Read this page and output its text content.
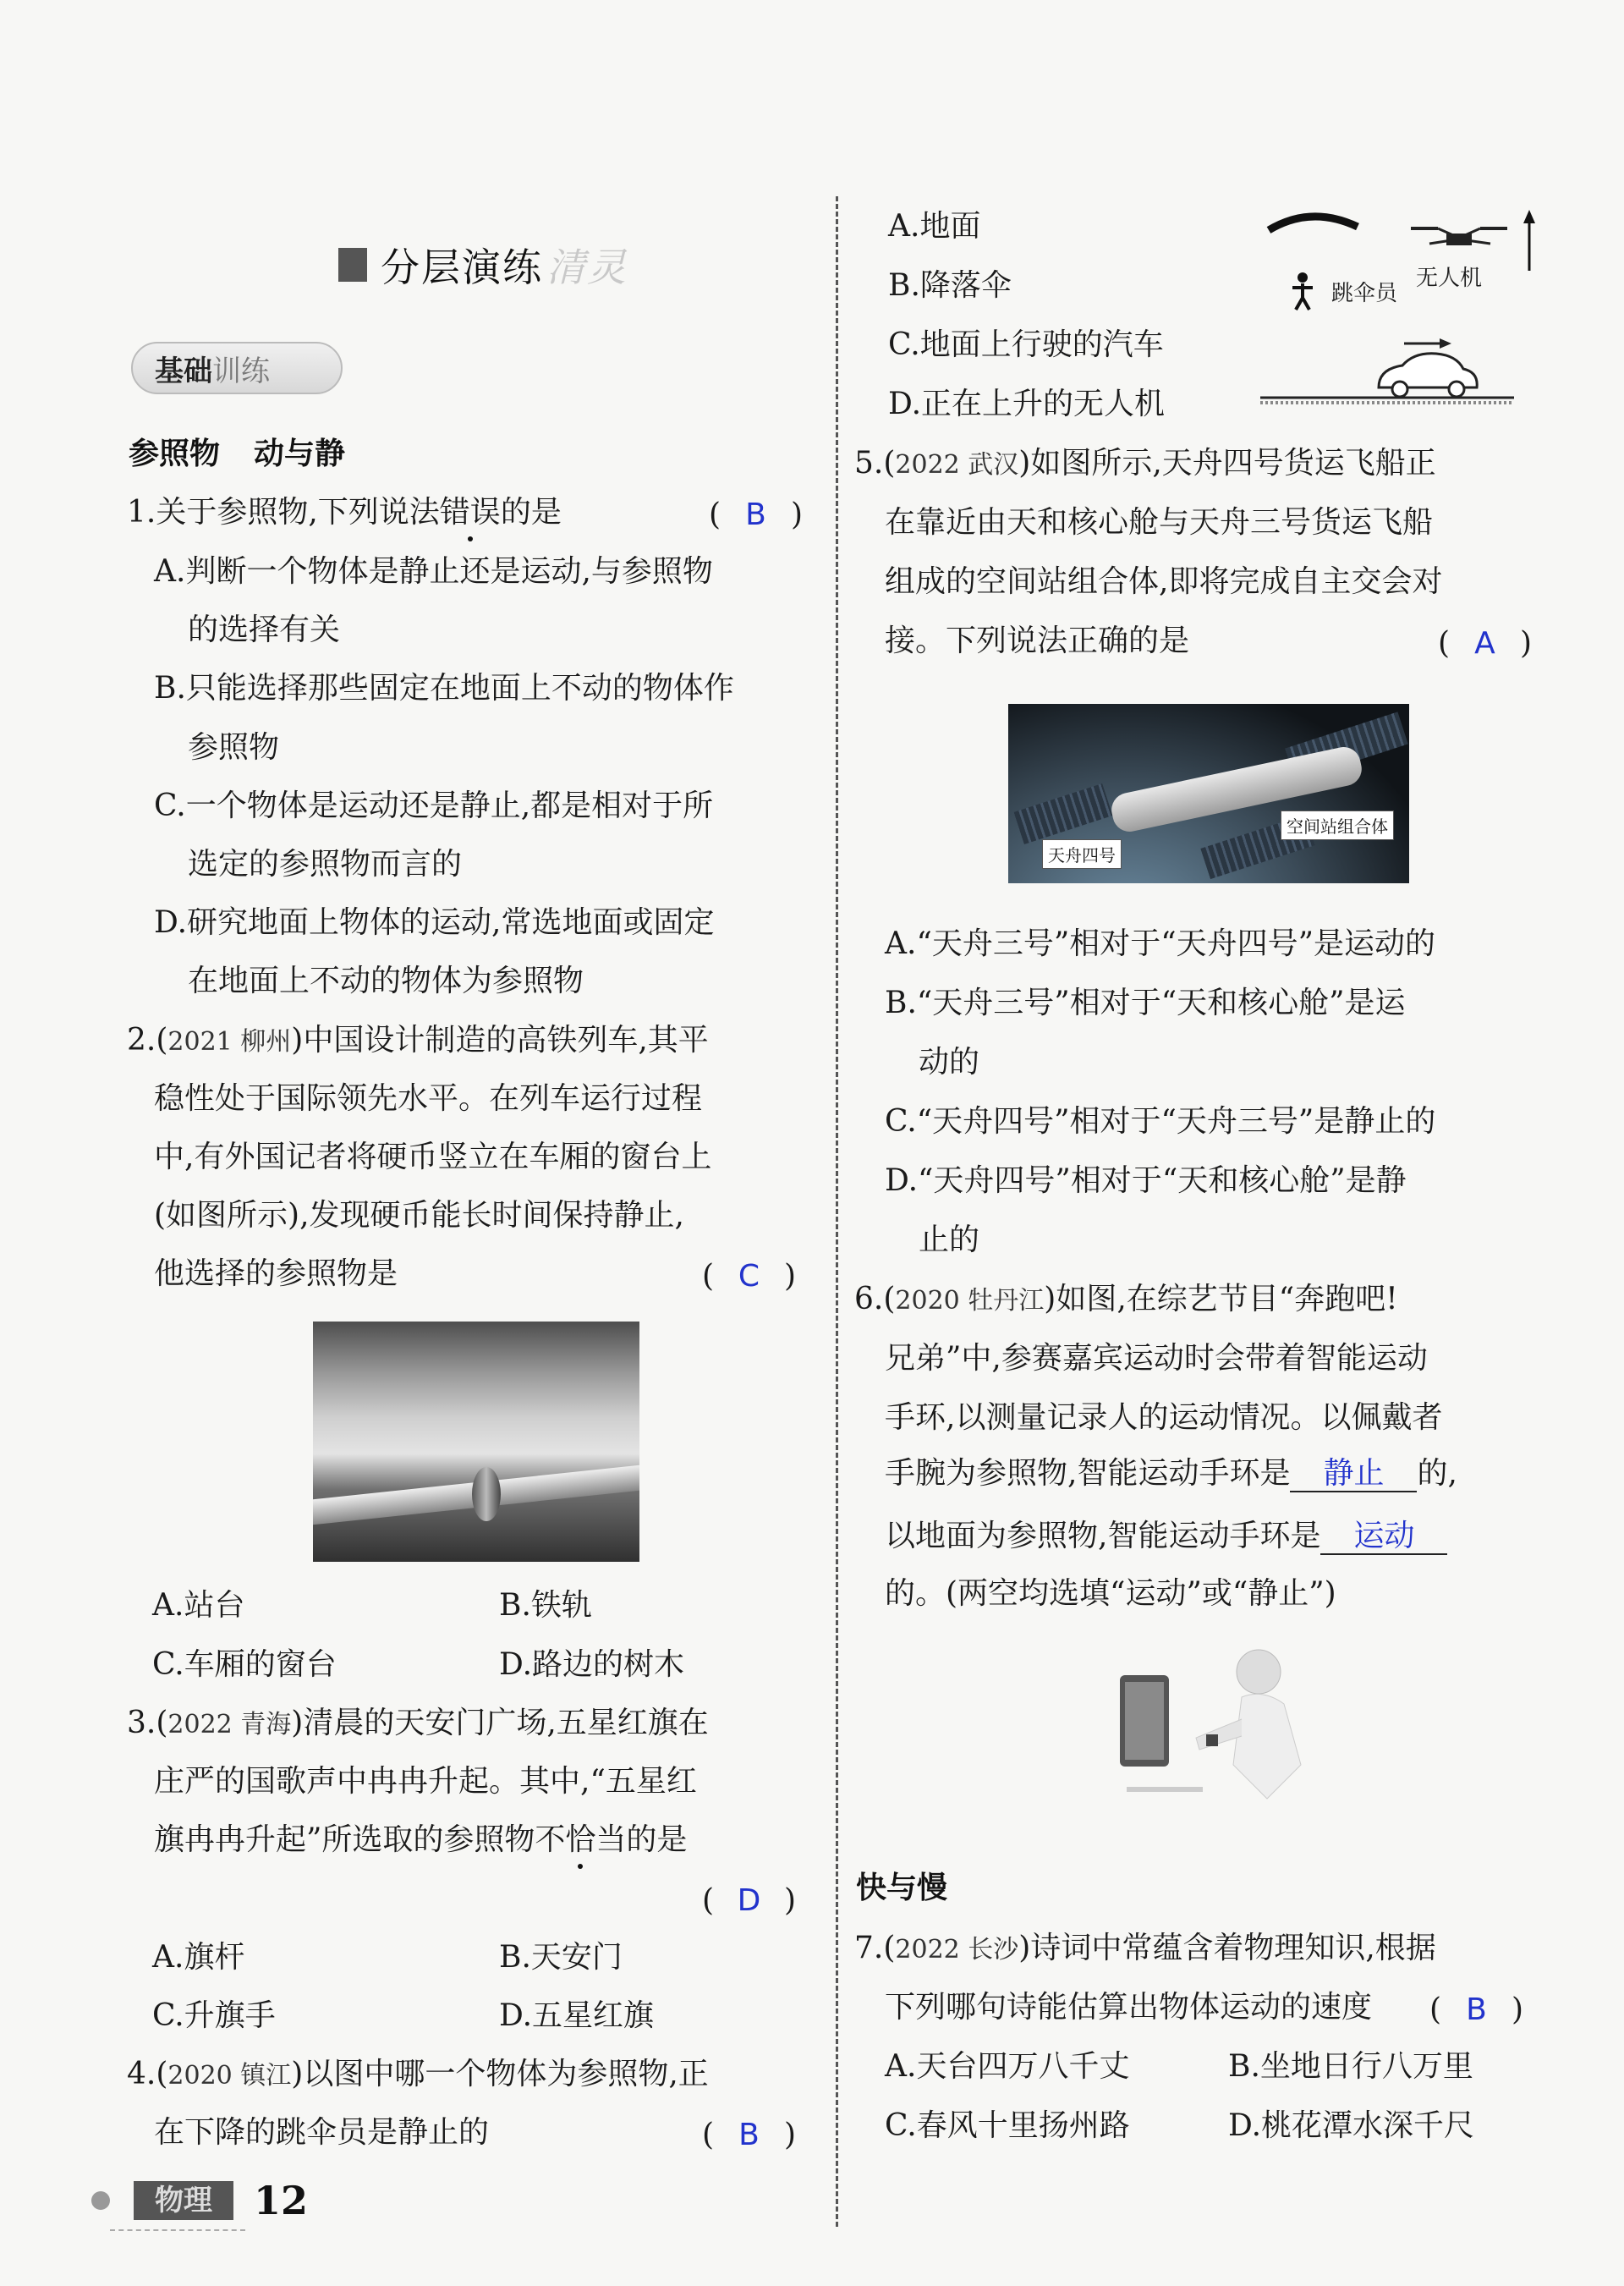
分层演练 清灵
基础 训练
参照物 动与静
1.关于参照物,下列说法错误的是	( B )
A.判断一个物体是静止还是运动,与参照物
的选择有关
B.只能选择那些固定在地面上不动的物体作
参照物
C.一个物体是运动还是静止,都是相对于所
选定的参照物而言的
D.研究地面上物体的运动,常选地面或固定
在地面上不动的物体为参照物
2.(2021 柳州)中国设计制造的高铁列车,其平
稳性处于国际领先水平。在列车运行过程
中,有外国记者将硬币竖立在车厢的窗台上
(如图所示),发现硬币能长时间保持静止,
他选择的参照物是	( C )
A.站台	B.铁轨
C.车厢的窗台	D.路边的树木
3.(2022 青海)清晨的天安门广场,五星红旗在
庄严的国歌声中冉冉升起。其中,“五星红
旗冉冉升起”所选取的参照物不恰当的是
( D )
A.旗杆	B.天安门
C.升旗手	D.五星红旗
4.(2020 镇江)以图中哪一个物体为参照物,正
在下降的跳伞员是静止的	( B )
A.地面
B.降落伞
C.地面上行驶的汽车
D.正在上升的无人机
跳伞员
无人机
5.(2022 武汉)如图所示,天舟四号货运飞船正
在靠近由天和核心舱与天舟三号货运飞船
组成的空间站组合体,即将完成自主交会对
接。下列说法正确的是	( A )
空间站组合体
天舟四号
A.“天舟三号”相对于“天舟四号”是运动的
B.“天舟三号”相对于“天和核心舱”是运
动的
C.“天舟四号”相对于“天舟三号”是静止的
D.“天舟四号”相对于“天和核心舱”是静
止的
6.(2020 牡丹江)如图,在综艺节目“奔跑吧!
兄弟”中,参赛嘉宾运动时会带着智能运动
手环,以测量记录人的运动情况。以佩戴者
手腕为参照物,智能运动手环是 静止 的,
以地面为参照物,智能运动手环是 运动
的。(两空均选填“运动”或“静止”)
快与慢
7.(2022 长沙)诗词中常蕴含着物理知识,根据
下列哪句诗能估算出物体运动的速度 ( B )
A.天台四万八千丈	B.坐地日行八万里
C.春风十里扬州路	D.桃花潭水深千尺
物理	12
